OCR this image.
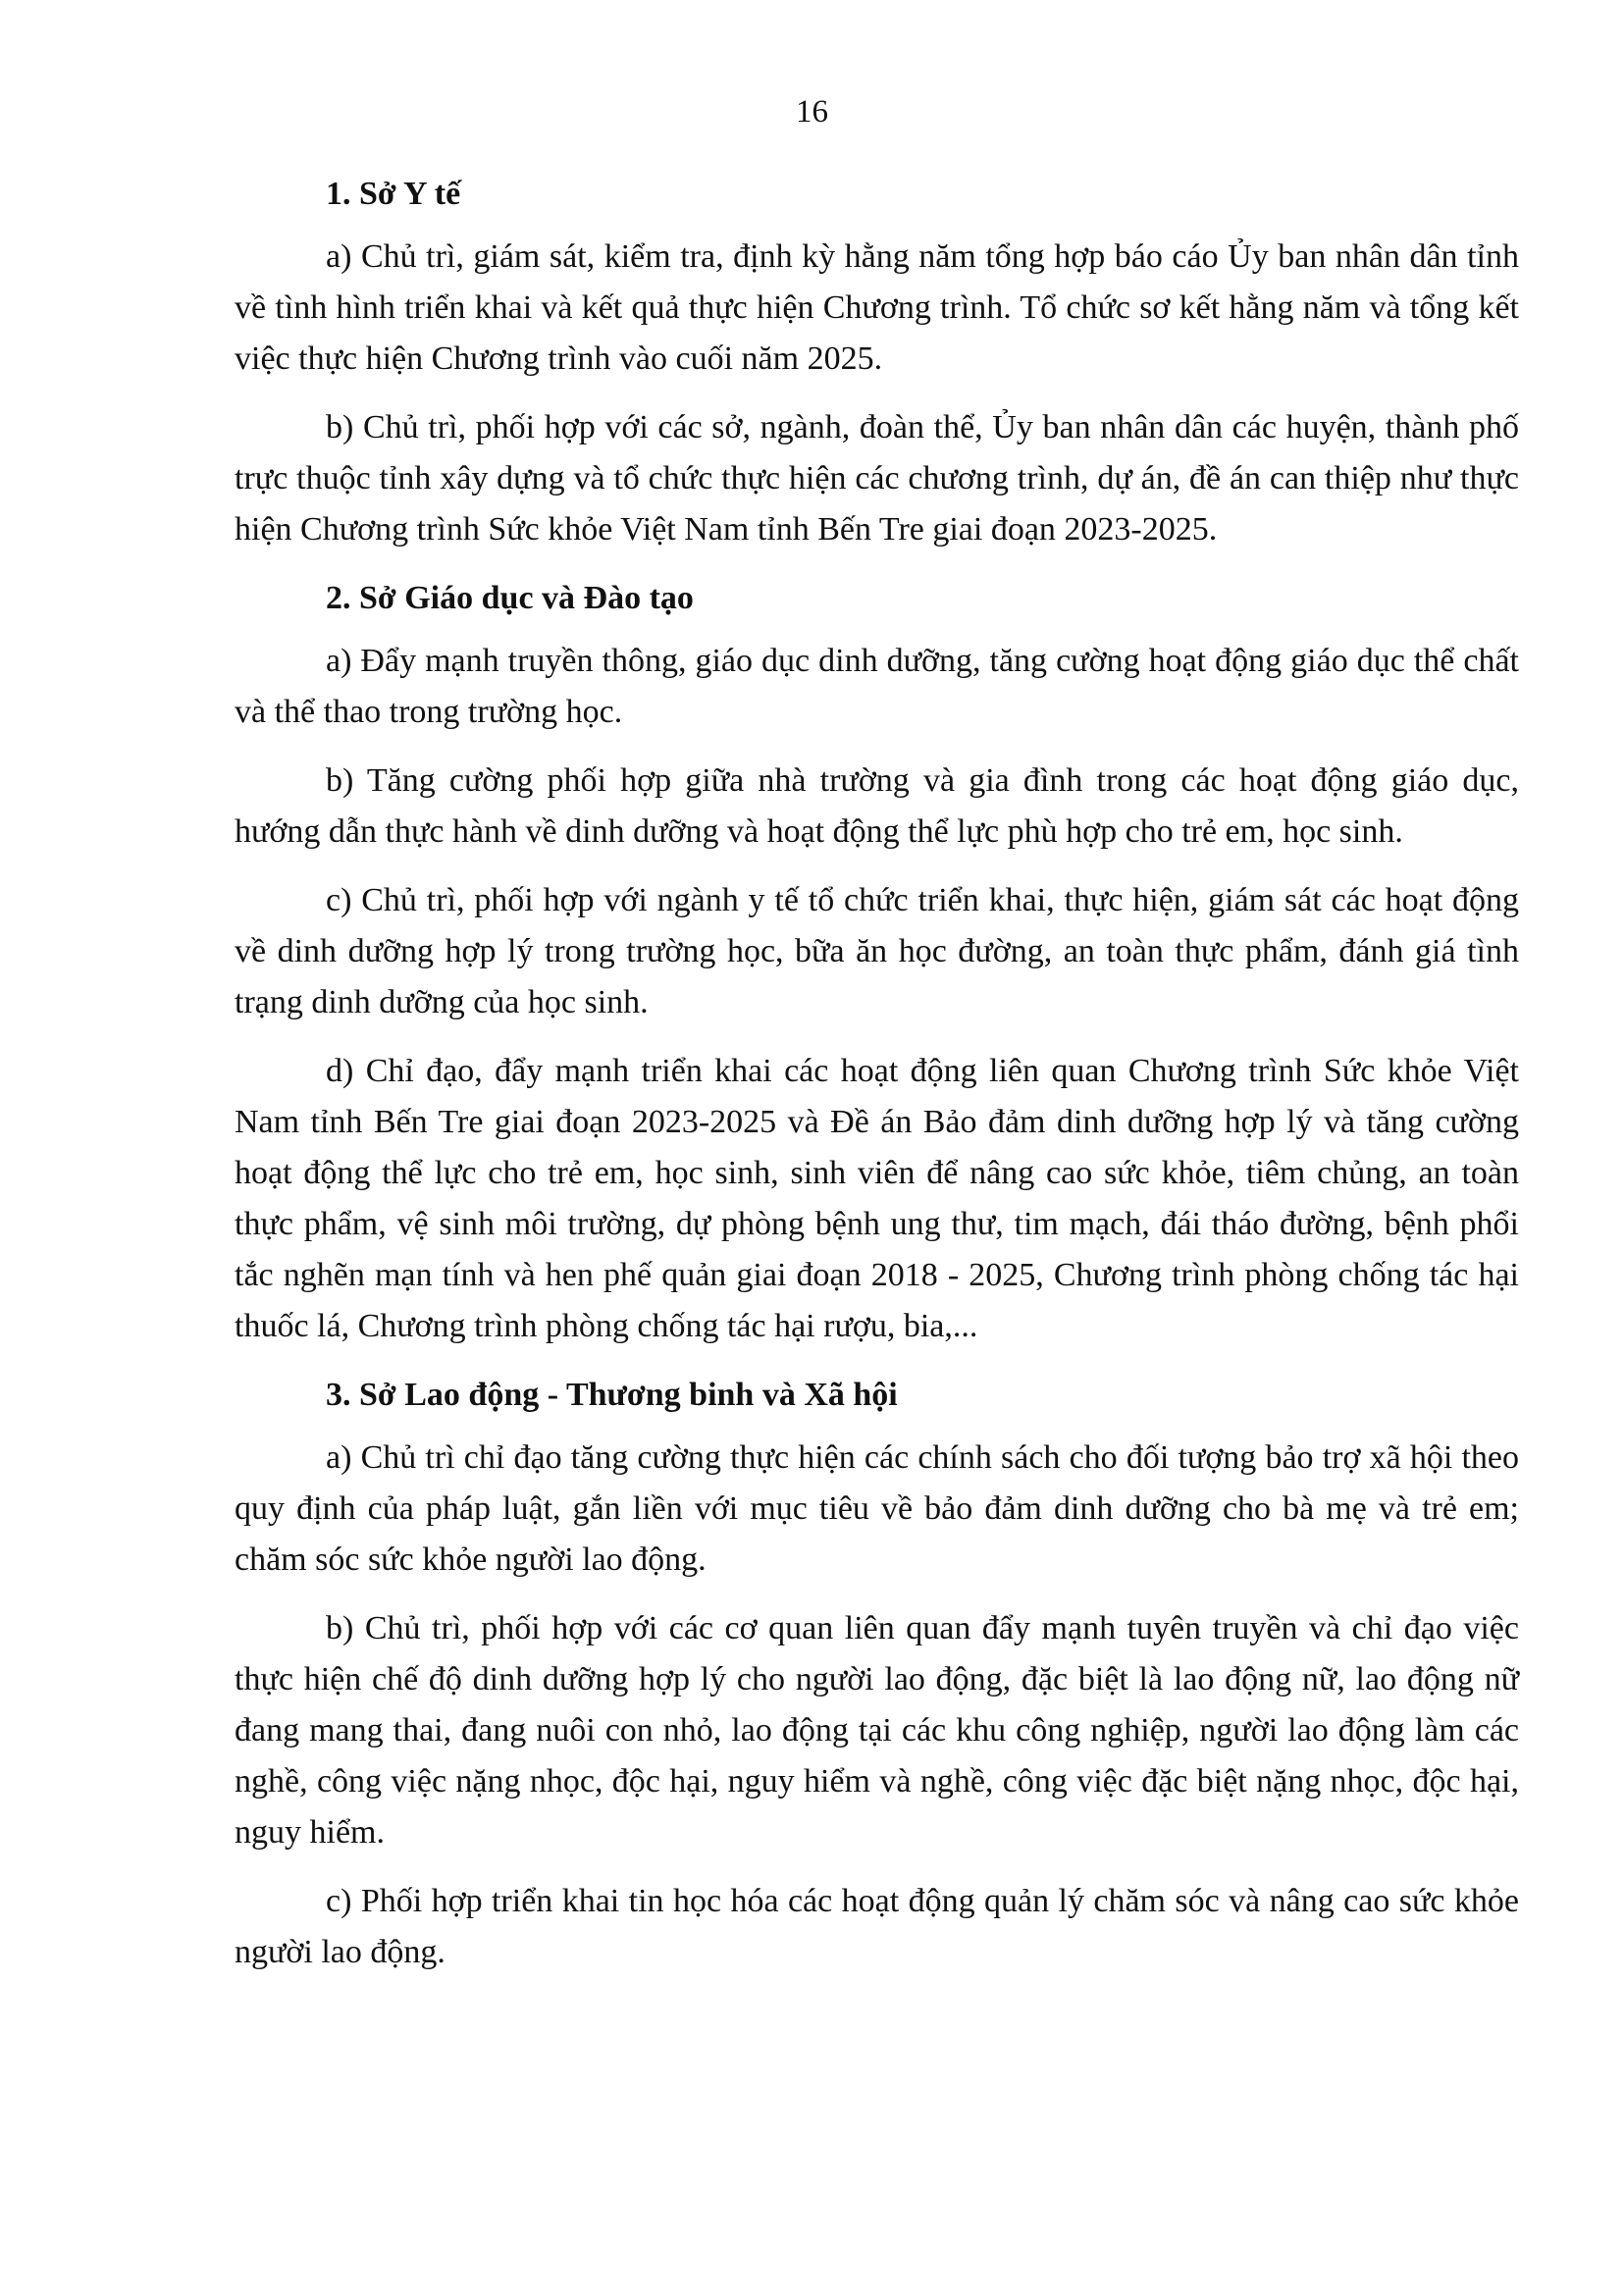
16

1. Sở Y tế

a) Chủ trì, giám sát, kiểm tra, định kỳ hằng năm tổng hợp báo cáo Ủy ban nhân dân tỉnh về tình hình triển khai và kết quả thực hiện Chương trình. Tổ chức sơ kết hằng năm và tổng kết việc thực hiện Chương trình vào cuối năm 2025.

b) Chủ trì, phối hợp với các sở, ngành, đoàn thể, Ủy ban nhân dân các huyện, thành phố trực thuộc tỉnh xây dựng và tổ chức thực hiện các chương trình, dự án, đề án can thiệp như thực hiện Chương trình Sức khỏe Việt Nam tỉnh Bến Tre giai đoạn 2023-2025.

2. Sở Giáo dục và Đào tạo

a) Đẩy mạnh truyền thông, giáo dục dinh dưỡng, tăng cường hoạt động giáo dục thể chất và thể thao trong trường học.

b) Tăng cường phối hợp giữa nhà trường và gia đình trong các hoạt động giáo dục, hướng dẫn thực hành về dinh dưỡng và hoạt động thể lực phù hợp cho trẻ em, học sinh.

c) Chủ trì, phối hợp với ngành y tế tổ chức triển khai, thực hiện, giám sát các hoạt động về dinh dưỡng hợp lý trong trường học, bữa ăn học đường, an toàn thực phẩm, đánh giá tình trạng dinh dưỡng của học sinh.

d) Chỉ đạo, đẩy mạnh triển khai các hoạt động liên quan Chương trình Sức khỏe Việt Nam tỉnh Bến Tre giai đoạn 2023-2025 và Đề án Bảo đảm dinh dưỡng hợp lý và tăng cường hoạt động thể lực cho trẻ em, học sinh, sinh viên để nâng cao sức khỏe, tiêm chủng, an toàn thực phẩm, vệ sinh môi trường, dự phòng bệnh ung thư, tim mạch, đái tháo đường, bệnh phổi tắc nghẽn mạn tính và hen phế quản giai đoạn 2018 - 2025, Chương trình phòng chống tác hại thuốc lá, Chương trình phòng chống tác hại rượu, bia,...

3. Sở Lao động - Thương binh và Xã hội

a) Chủ trì chỉ đạo tăng cường thực hiện các chính sách cho đối tượng bảo trợ xã hội theo quy định của pháp luật, gắn liền với mục tiêu về bảo đảm dinh dưỡng cho bà mẹ và trẻ em; chăm sóc sức khỏe người lao động.

b) Chủ trì, phối hợp với các cơ quan liên quan đẩy mạnh tuyên truyền và chỉ đạo việc thực hiện chế độ dinh dưỡng hợp lý cho người lao động, đặc biệt là lao động nữ, lao động nữ đang mang thai, đang nuôi con nhỏ, lao động tại các khu công nghiệp, người lao động làm các nghề, công việc nặng nhọc, độc hại, nguy hiểm và nghề, công việc đặc biệt nặng nhọc, độc hại, nguy hiểm.

c) Phối hợp triển khai tin học hóa các hoạt động quản lý chăm sóc và nâng cao sức khỏe người lao động.
